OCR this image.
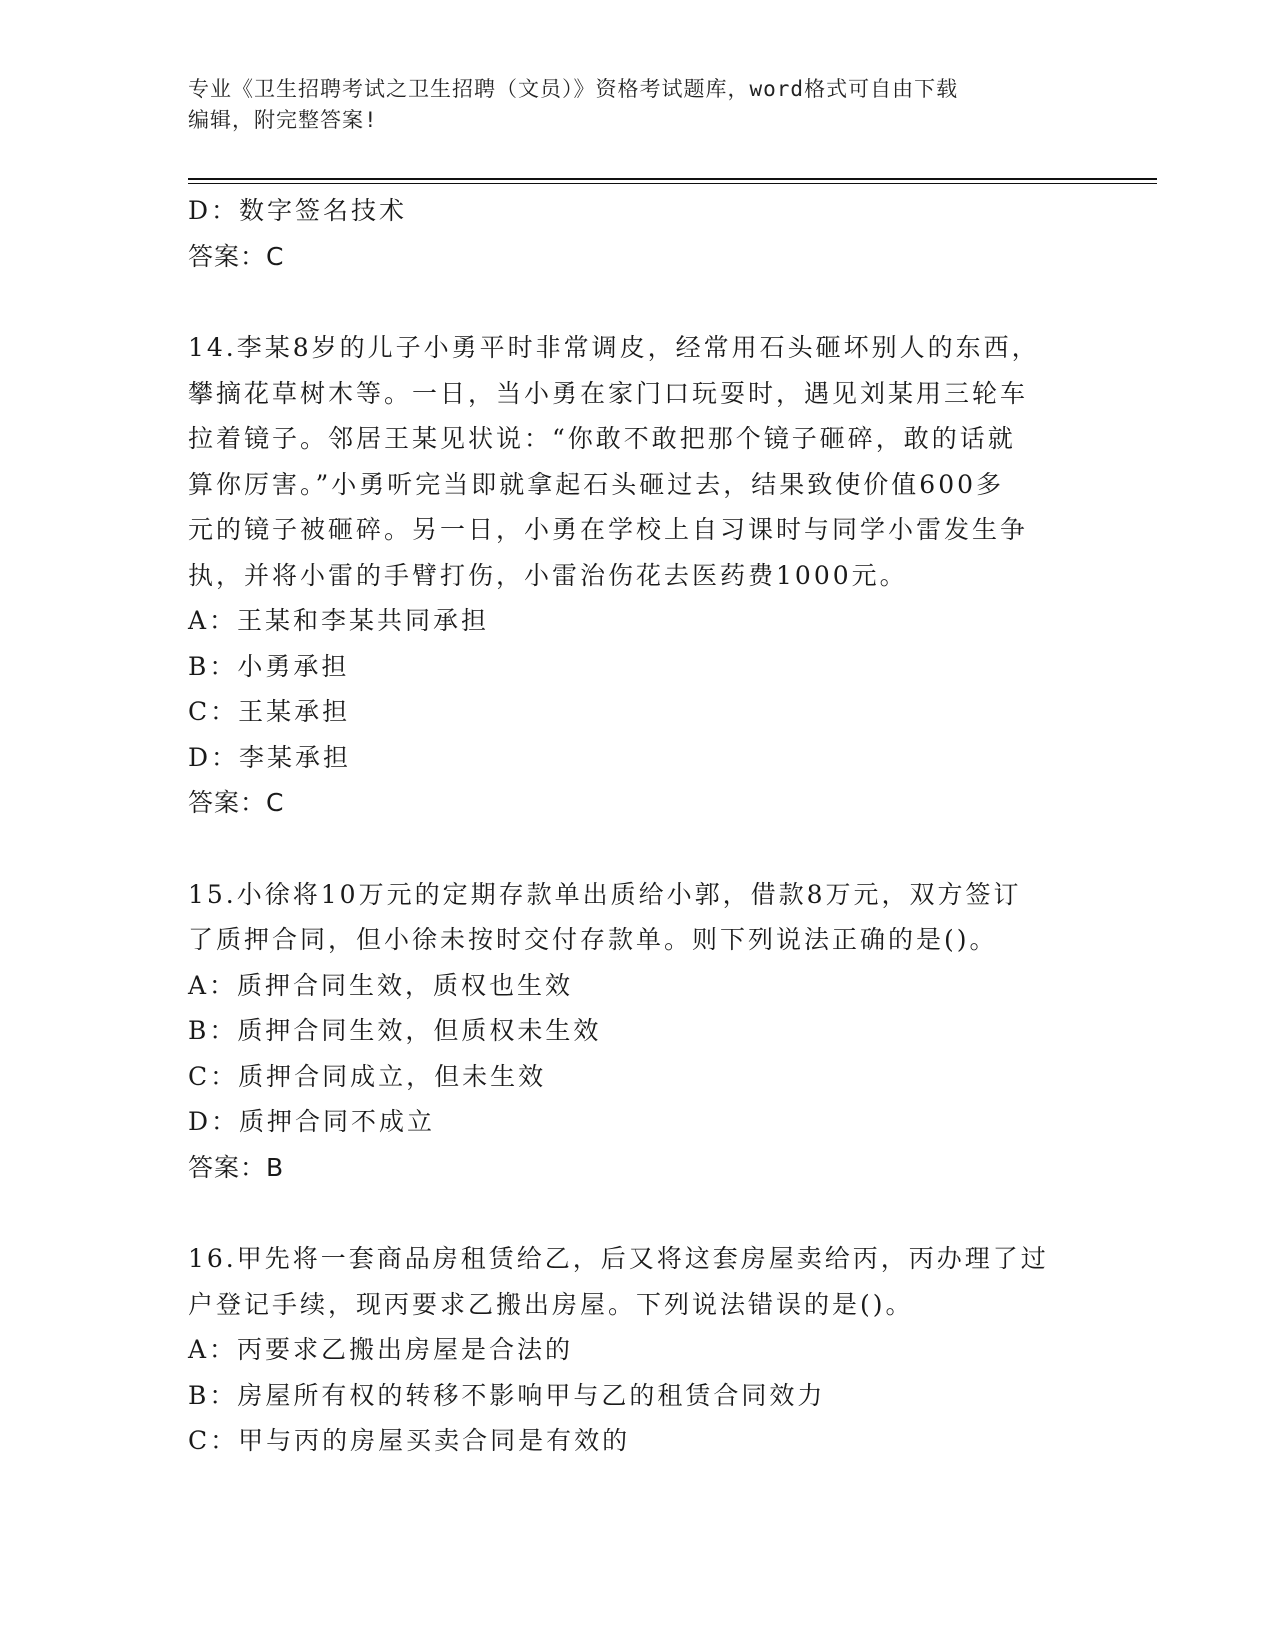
专业《卫生招聘考试之卫生招聘（文员）》资格考试题库，word格式可自由下载
编辑，附完整答案!
D：数字签名技术
答案：C
14.李某8岁的儿子小勇平时非常调皮，经常用石头砸坏别人的东西，
攀摘花草树木等。一日，当小勇在家门口玩耍时，遇见刘某用三轮车
拉着镜子。邻居王某见状说：“你敢不敢把那个镜子砸碎，敢的话就
算你厉害。”小勇听完当即就拿起石头砸过去，结果致使价值600多
元的镜子被砸碎。另一日，小勇在学校上自习课时与同学小雷发生争
执，并将小雷的手臂打伤，小雷治伤花去医药费1000元。
A：王某和李某共同承担
B：小勇承担
C：王某承担
D：李某承担
答案：C
15.小徐将10万元的定期存款单出质给小郭，借款8万元，双方签订
了质押合同，但小徐未按时交付存款单。则下列说法正确的是()。
A：质押合同生效，质权也生效
B：质押合同生效，但质权未生效
C：质押合同成立，但未生效
D：质押合同不成立
答案：B
16.甲先将一套商品房租赁给乙，后又将这套房屋卖给丙，丙办理了过
户登记手续，现丙要求乙搬出房屋。下列说法错误的是()。
A：丙要求乙搬出房屋是合法的
B：房屋所有权的转移不影响甲与乙的租赁合同效力
C：甲与丙的房屋买卖合同是有效的
